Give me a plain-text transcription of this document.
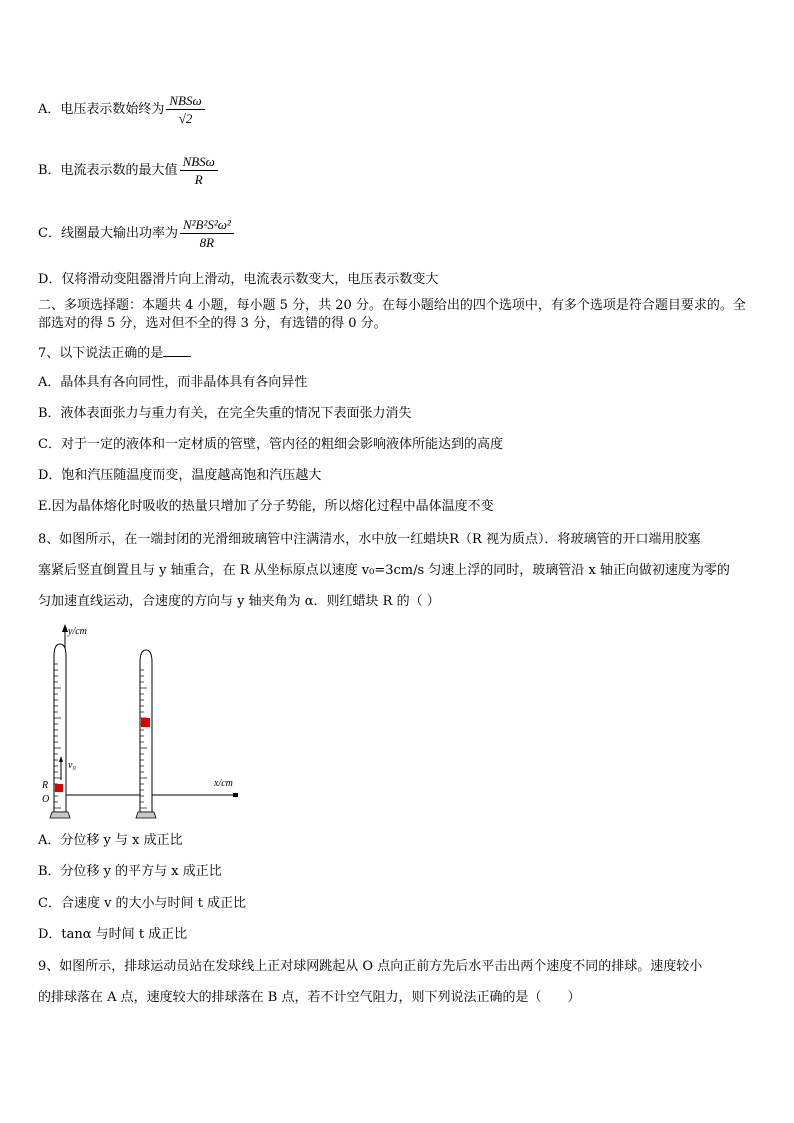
A．电压表示数始终为 $\frac{\text{NBSω}}{√2}$
B．电流表示数的最大值 $\frac{\text{NBSω}}{R}$
C．线圈最大输出功率为 $\frac{\text{N²B²S²ω²}}{8R}$
D．仅将滑动变阻器滑片向上滑动，电流表示数变大，电压表示数变大
二、多项选择题：本题共 4 小题，每小题 5 分，共 20 分。在每小题给出的四个选项中，有多个选项是符合题目要求的。全部选对的得 5 分，选对但不全的得 3 分，有选错的得 0 分。
7、以下说法正确的是
A．晶体具有各向同性，而非晶体具有各向异性
B．液体表面张力与重力有关，在完全失重的情况下表面张力消失
C．对于一定的液体和一定材质的管壁，管内径的粗细会影响液体所能达到的高度
D．饱和汽压随温度而变，温度越高饱和汽压越大
E.因为晶体熔化时吸收的热量只增加了分子势能，所以熔化过程中晶体温度不变
8、如图所示，在一端封闭的光滑细玻璃管中注满清水，水中放一红蜡块R（R 视为质点）．将玻璃管的开口端用胶塞
塞紧后竖直倒置且与 y 轴重合，在 R 从坐标原点以速度 v₀=3cm/s 匀速上浮的同时，玻璃管沿 x 轴正向做初速度为零的
匀加速直线运动，合速度的方向与 y 轴夹角为 α．则红蜡块 R 的（ ）
y/cm
x/cm
v₀
R
O
A．分位移 y 与 x 成正比
B．分位移 y 的平方与 x 成正比
C．合速度 v 的大小与时间 t 成正比
D．tanα 与时间 t 成正比
9、如图所示，排球运动员站在发球线上正对球网跳起从 O 点向正前方先后水平击出两个速度不同的排球。速度较小
的排球落在 A 点，速度较大的排球落在 B 点，若不计空气阻力，则下列说法正确的是（　　）
